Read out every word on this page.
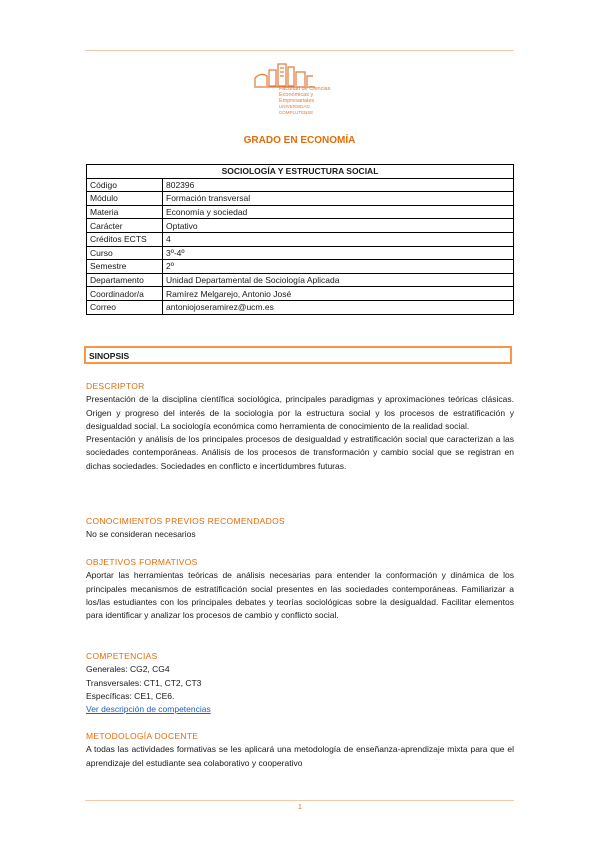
Facultad de Ciencias
Económicas y Empresariales
UNIVERSIDAD COMPLUTENSE
GRADO EN ECONOMÍA
SOCIOLOGÍA Y ESTRUCTURA SOCIAL	
Código	802396
Módulo	Formación transversal
Materia	Economía y sociedad
Carácter	Optativo
Créditos ECTS	4
Curso	3º-4º
Semestre	2º
Departamento	Unidad Departamental de Sociología Aplicada
Coordinador/a	Ramírez Melgarejo, Antonio José
Correo	antoniojoseramirez@ucm.es
SINOPSIS
DESCRIPTOR

Presentación de la disciplina científica sociológica, principales paradigmas y aproximaciones teóricas clásicas. Origen y progreso del interés de la sociología por la estructura social y los procesos de estratificación y desigualdad social. La sociología económica como herramienta de conocimiento de la realidad social.

Presentación y análisis de los principales procesos de desigualdad y estratificación social que caracterizan a las sociedades contemporáneas. Análisis de los procesos de transformación y cambio social que se registran en dichas sociedades. Sociedades en conflicto e incertidumbres futuras.

CONOCIMIENTOS PREVIOS RECOMENDADOS

No se consideran necesarios

OBJETIVOS FORMATIVOS

Aportar las herramientas teóricas de análisis necesarias para entender la conformación y dinámica de los principales mecanismos de estratificación social presentes en las sociedades contemporáneas. Familiarizar a los/las estudiantes con los principales debates y teorías sociológicas sobre la desigualdad. Facilitar elementos para identificar y analizar los procesos de cambio y conflicto social.

COMPETENCIAS
Generales: CG2, CG4
Transversales: CT1, CT2, CT3
Específicas: CE1, CE6.
Ver descripción de competencias
METODOLOGÍA DOCENTE

A todas las actividades formativas se les aplicará una metodología de enseñanza-aprendizaje mixta para que el aprendizaje del estudiante sea colaborativo y cooperativo

1
